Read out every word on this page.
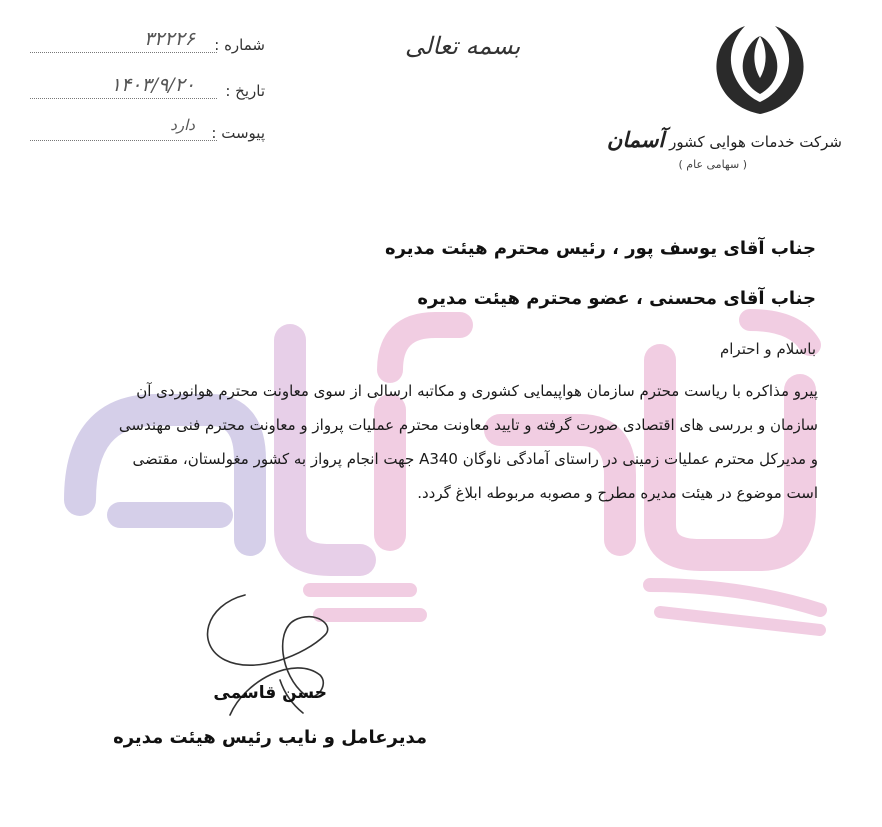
شماره :
۳۲۲۲۶
تاریخ :
۱۴۰۳/۹/۲۰
پیوست :
دارد
بسمه تعالی
شرکت خدمات هوایی کشور آسمان
( سهامی عام )
جناب آقای یوسف پور ، رئیس محترم هیئت مدیره
جناب آقای محسنی ، عضو محترم هیئت مدیره
باسلام و احترام
پیرو مذاکره با ریاست محترم سازمان هواپیمایی کشوری و مکاتبه ارسالی از سوی معاونت محترم هوانوردی آن
سازمان و بررسی های اقتصادی صورت گرفته و تایید معاونت محترم عملیات پرواز و معاونت محترم فنی مهندسی
و مدیرکل محترم عملیات زمینی در راستای آمادگی ناوگان A340 جهت انجام پرواز به کشور مغولستان، مقتضی
است موضوع در هیئت مدیره مطرح و مصوبه مربوطه ابلاغ گردد.
حسن قاسمی
مدیرعامل و نایب رئیس هیئت مدیره
